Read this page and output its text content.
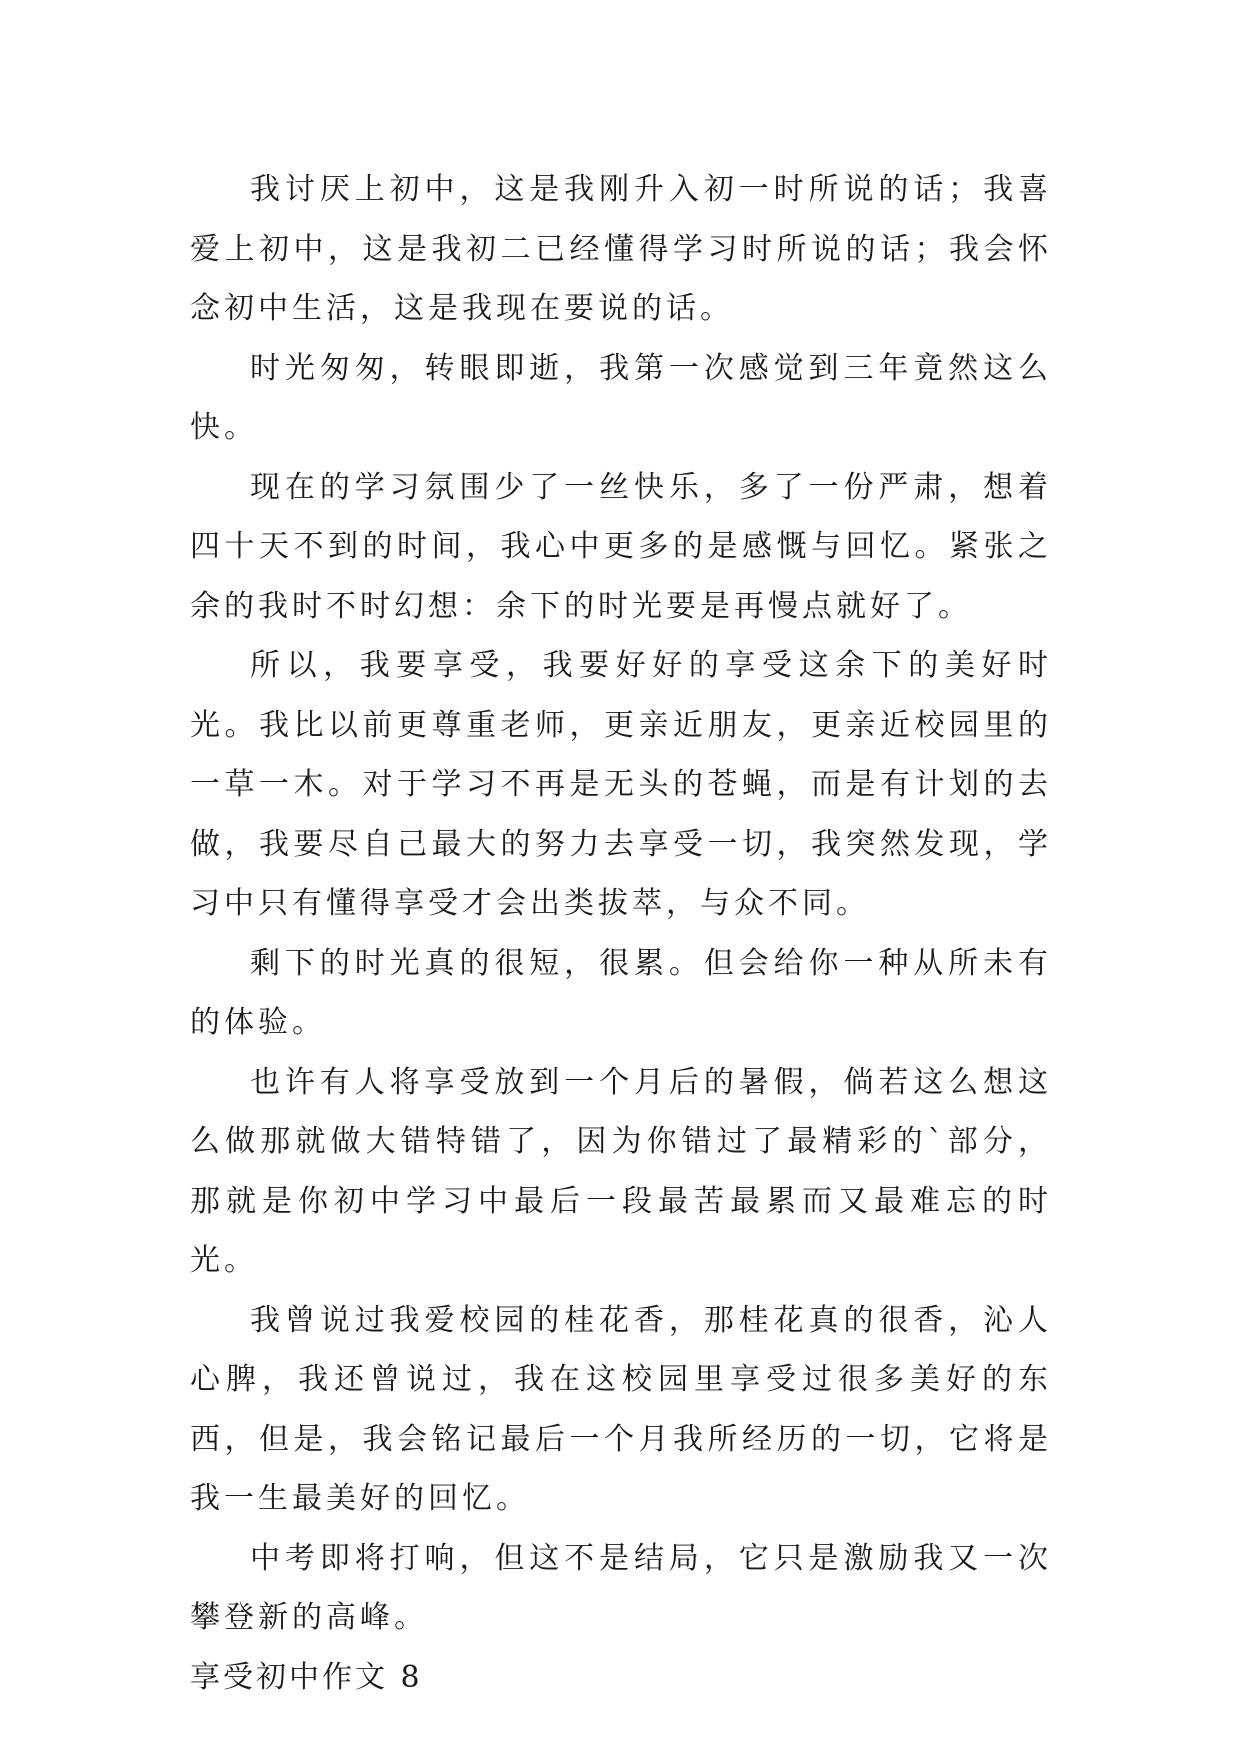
我讨厌上初中，这是我刚升入初一时所说的话；我喜爱上初中，这是我初二已经懂得学习时所说的话；我会怀念初中生活，这是我现在要说的话。

时光匆匆，转眼即逝，我第一次感觉到三年竟然这么快。

现在的学习氛围少了一丝快乐，多了一份严肃，想着四十天不到的时间，我心中更多的是感慨与回忆。紧张之余的我时不时幻想：余下的时光要是再慢点就好了。

所以，我要享受，我要好好的享受这余下的美好时光。我比以前更尊重老师，更亲近朋友，更亲近校园里的一草一木。对于学习不再是无头的苍蝇，而是有计划的去做，我要尽自己最大的努力去享受一切，我突然发现，学习中只有懂得享受才会出类拔萃，与众不同。

剩下的时光真的很短，很累。但会给你一种从所未有的体验。

也许有人将享受放到一个月后的暑假，倘若这么想这么做那就做大错特错了，因为你错过了最精彩的`部分，那就是你初中学习中最后一段最苦最累而又最难忘的时光。

我曾说过我爱校园的桂花香，那桂花真的很香，沁人心脾，我还曾说过，我在这校园里享受过很多美好的东西，但是，我会铭记最后一个月我所经历的一切，它将是我一生最美好的回忆。

中考即将打响，但这不是结局，它只是激励我又一次攀登新的高峰。

享受初中作文 8
